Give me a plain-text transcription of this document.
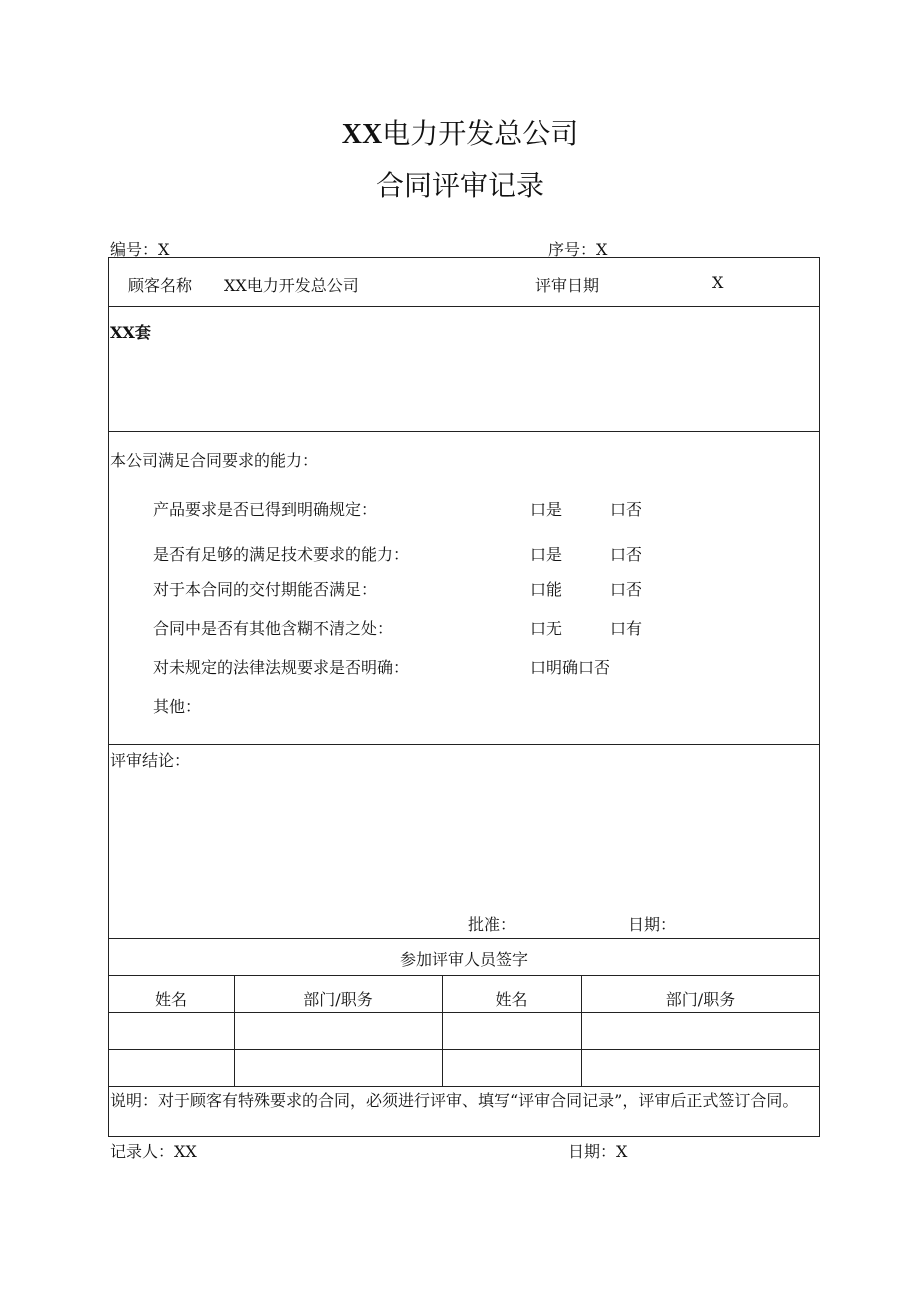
XX电力开发总公司
合同评审记录
编号：X	序号：X
顾客名称 XX电力开发总公司	评审日期	X
XX套
本公司满足合同要求的能力：
产品要求是否已得到明确规定：	口是	口否
是否有足够的满足技术要求的能力：	口是	口否
对于本合同的交付期能否满足：	口能	口否
合同中是否有其他含糊不清之处：	口无	口有
对未规定的法律法规要求是否明确：	口明确口否
其他：
评审结论：
批准：	日期：
参加评审人员签字
姓名	部门/职务	姓名	部门/职务
说明：对于顾客有特殊要求的合同，必须进行评审、填写“评审合同记录”，评审后正式签订合同。
记录人：XX	日期：X
